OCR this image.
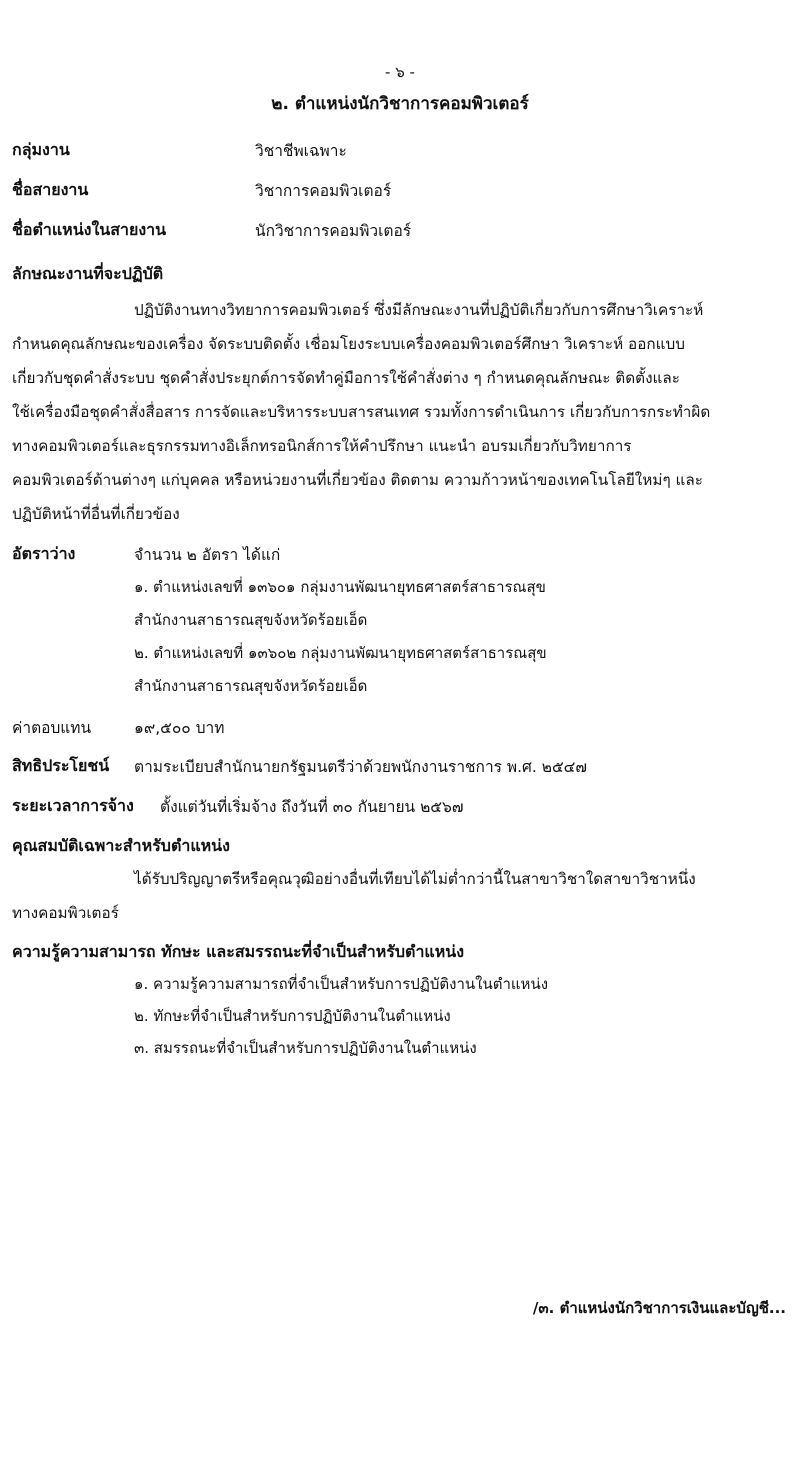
- ๖ -
๒. ตำแหน่งนักวิชาการคอมพิวเตอร์
กลุ่มงาน	วิชาชีพเฉพาะ
ชื่อสายงาน	วิชาการคอมพิวเตอร์
ชื่อตำแหน่งในสายงาน	นักวิชาการคอมพิวเตอร์
ลักษณะงานที่จะปฏิบัติ
ปฏิบัติงานทางวิทยาการคอมพิวเตอร์ ซึ่งมีลักษณะงานที่ปฏิบัติเกี่ยวกับการศึกษาวิเคราะห์
กำหนดคุณลักษณะของเครื่อง จัดระบบติดตั้ง เชื่อมโยงระบบเครื่องคอมพิวเตอร์ศึกษา วิเคราะห์ ออกแบบ
เกี่ยวกับชุดคำสั่งระบบ ชุดคำสั่งประยุกต์การจัดทำคู่มือการใช้คำสั่งต่าง ๆ กำหนดคุณลักษณะ ติดตั้งและ
ใช้เครื่องมือชุดคำสั่งสื่อสาร การจัดและบริหารระบบสารสนเทศ รวมทั้งการดำเนินการ เกี่ยวกับการกระทำผิด
ทางคอมพิวเตอร์และธุรกรรมทางอิเล็กทรอนิกส์การให้คำปรึกษา แนะนำ อบรมเกี่ยวกับวิทยาการ
คอมพิวเตอร์ด้านต่างๆ แก่บุคคล หรือหน่วยงานที่เกี่ยวข้อง ติดตาม ความก้าวหน้าของเทคโนโลยีใหม่ๆ และ
ปฏิบัติหน้าที่อื่นที่เกี่ยวข้อง
อัตราว่าง	จำนวน ๒ อัตรา ได้แก่
๑. ตำแหน่งเลขที่ ๑๓๖๐๑ กลุ่มงานพัฒนายุทธศาสตร์สาธารณสุข
สำนักงานสาธารณสุขจังหวัดร้อยเอ็ด
๒. ตำแหน่งเลขที่ ๑๓๖๐๒ กลุ่มงานพัฒนายุทธศาสตร์สาธารณสุข
สำนักงานสาธารณสุขจังหวัดร้อยเอ็ด
ค่าตอบแทน	๑๙,๕๐๐ บาท
สิทธิประโยชน์ ตามระเบียบสำนักนายกรัฐมนตรีว่าด้วยพนักงานราชการ พ.ศ. ๒๕๔๗
ระยะเวลาการจ้าง ตั้งแต่วันที่เริ่มจ้าง ถึงวันที่ ๓๐ กันยายน ๒๕๖๗
คุณสมบัติเฉพาะสำหรับตำแหน่ง
ได้รับปริญญาตรีหรือคุณวุฒิอย่างอื่นที่เทียบได้ไม่ต่ำกว่านี้ในสาขาวิชาใดสาขาวิชาหนึ่ง
ทางคอมพิวเตอร์
ความรู้ความสามารถ ทักษะ และสมรรถนะที่จำเป็นสำหรับตำแหน่ง
๑. ความรู้ความสามารถที่จำเป็นสำหรับการปฏิบัติงานในตำแหน่ง
๒. ทักษะที่จำเป็นสำหรับการปฏิบัติงานในตำแหน่ง
๓. สมรรถนะที่จำเป็นสำหรับการปฏิบัติงานในตำแหน่ง
/๓. ตำแหน่งนักวิชาการเงินและบัญชี...
